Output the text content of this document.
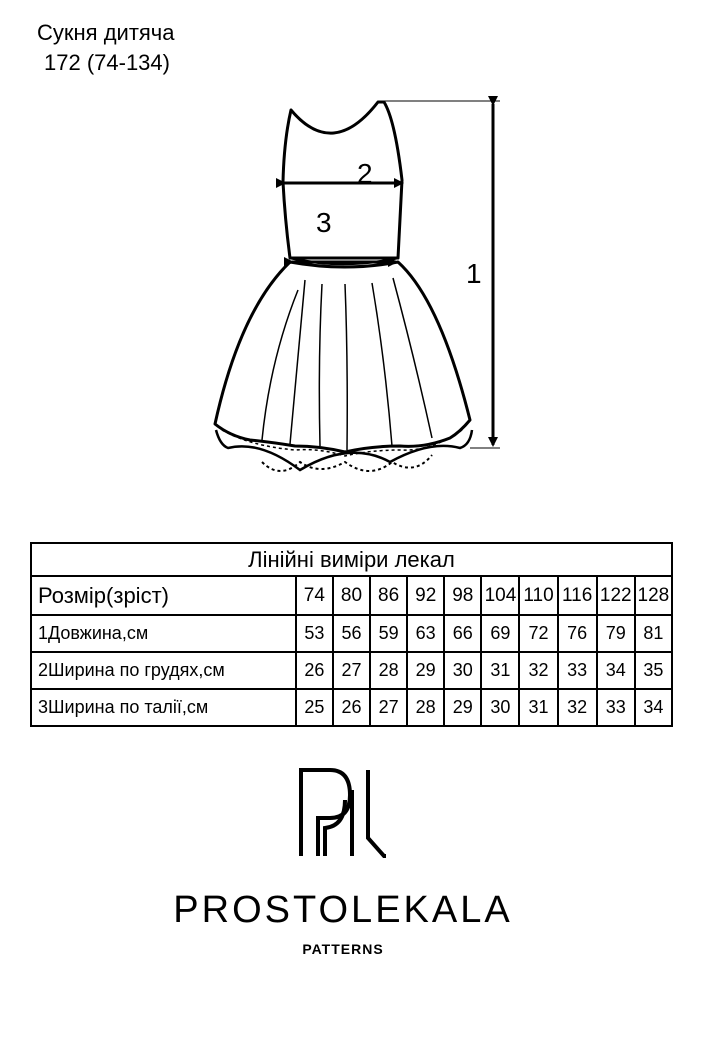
Сукня дитяча
172 (74-134)
2
3
1
Лінійні виміри лекал										
Розмір(зріст)	74	80	86	92	98	104	110	116	122	128
1Довжина,см	53	56	59	63	66	69	72	76	79	81
2Ширина по грудях,см	26	27	28	29	30	31	32	33	34	35
3Ширина по талії,см	25	26	27	28	29	30	31	32	33	34
PROSTOLEKALA
PATTERNS
